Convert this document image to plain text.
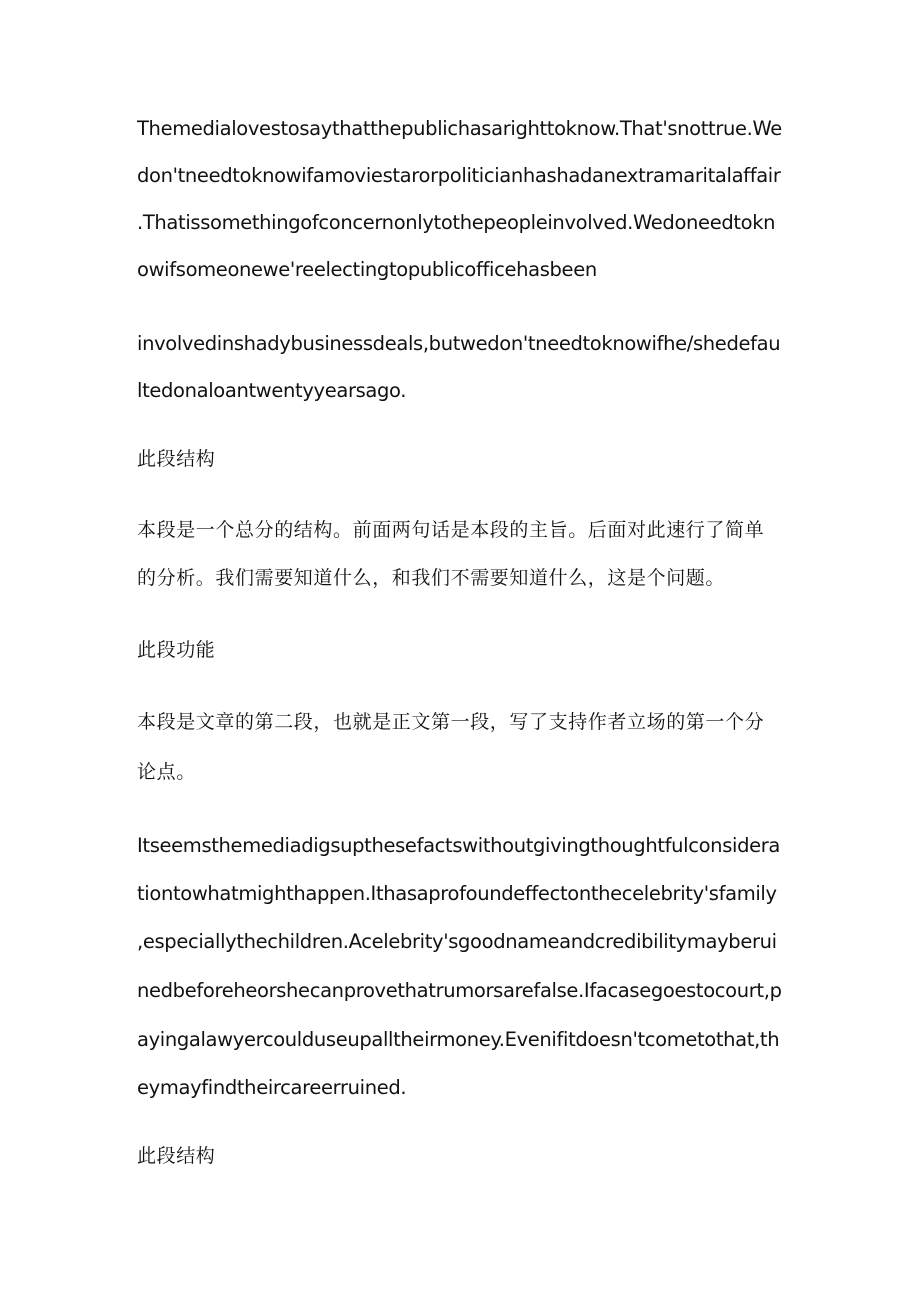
Themedialovestosaythatthepublichasarighttoknow.That'snottrue.We
don'tneedtoknowifamoviestarorpoliticianhashadanextramaritalaffair
.Thatissomethingofconcernonlytothepeopleinvolved.Wedoneedtokn
owifsomeonewe'reelectingtopublicofficehasbeen
involvedinshadybusinessdeals,butwedon'tneedtoknowifhe/shedefau
ltedonaloantwentyyearsago.
此段结构
本段是一个总分的结构。前面两句话是本段的主旨。后面对此速行了简单
的分析。我们需要知道什么，和我们不需要知道什么，这是个问题。
此段功能
本段是文章的第二段，也就是正文第一段，写了支持作者立场的第一个分
论点。
Itseemsthemediadigsupthesefactswithoutgivingthoughtfulconsidera
tiontowhatmighthappen.Ithasaprofoundeffectonthecelebrity'sfamily
,especiallythechildren.Acelebrity'sgoodnameandcredibilitymayberui
nedbeforeheorshecanprovethatrumorsarefalse.Ifacasegoestocourt,p
ayingalawyercoulduseupalltheirmoney.Evenifitdoesn'tcometothat,th
eymayfindtheircareerruined.
此段结构
